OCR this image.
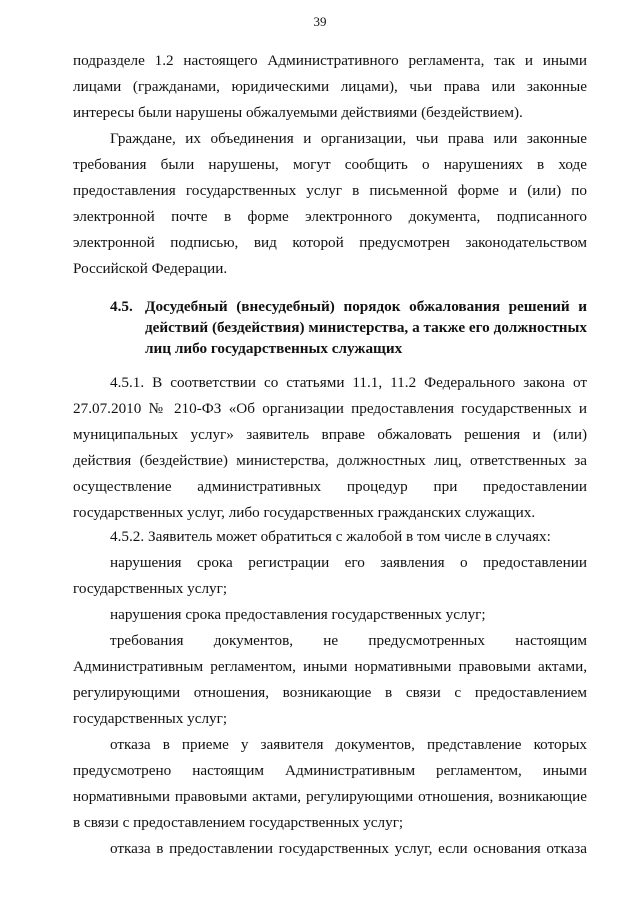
39
подразделе 1.2 настоящего Административного регламента, так и иными
лицами (гражданами, юридическими лицами), чьи права или законные
интересы были нарушены обжалуемыми действиями (бездействием).
Граждане, их объединения и организации, чьи права или законные
требования были нарушены, могут сообщить о нарушениях в ходе
предоставления государственных услуг в письменной форме и (или) по
электронной почте в форме электронного документа, подписанного
электронной подписью, вид которой предусмотрен законодательством
Российской Федерации.
4.5. Досудебный (внесудебный) порядок обжалования решений и
действий (бездействия) министерства, а также его должностных
лиц либо государственных служащих
4.5.1. В соответствии со статьями 11.1, 11.2 Федерального закона от
27.07.2010 № 210-ФЗ «Об организации предоставления государственных и
муниципальных услуг» заявитель вправе обжаловать решения и (или)
действия (бездействие) министерства, должностных лиц, ответственных за
осуществление административных процедур при предоставлении
государственных услуг, либо государственных гражданских служащих.
4.5.2. Заявитель может обратиться с жалобой в том числе в случаях:
нарушения срока регистрации его заявления о предоставлении
государственных услуг;
нарушения срока предоставления государственных услуг;
требования документов, не предусмотренных настоящим
Административным регламентом, иными нормативными правовыми актами,
регулирующими отношения, возникающие в связи с предоставлением
государственных услуг;
отказа в приеме у заявителя документов, представление которых
предусмотрено настоящим Административным регламентом, иными
нормативными правовыми актами, регулирующими отношения, возникающие
в связи с предоставлением государственных услуг;
отказа в предоставлении государственных услуг, если основания отказа
